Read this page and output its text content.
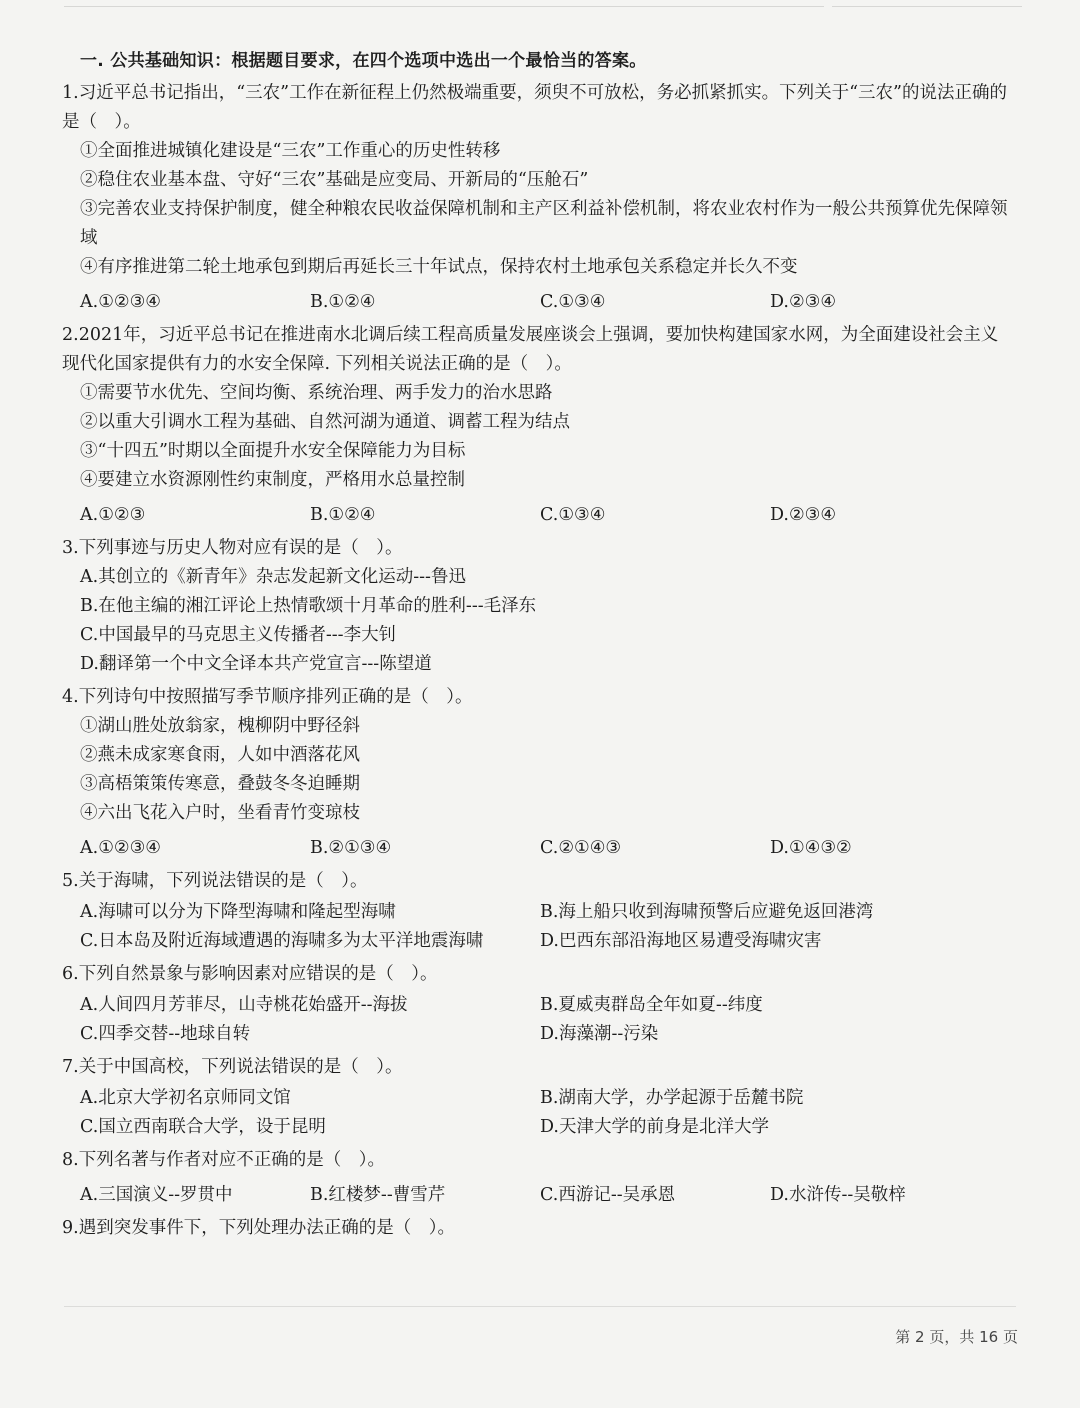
一. 公共基础知识：根据题目要求，在四个选项中选出一个最恰当的答案。
1.习近平总书记指出，“三农”工作在新征程上仍然极端重要，须臾不可放松，务必抓紧抓实。下列关于“三农”的说法正确的是（　）。
①全面推进城镇化建设是“三农”工作重心的历史性转移
②稳住农业基本盘、守好“三农”基础是应变局、开新局的“压舱石”
③完善农业支持保护制度，健全种粮农民收益保障机制和主产区利益补偿机制，将农业农村作为一般公共预算优先保障领域
④有序推进第二轮土地承包到期后再延长三十年试点，保持农村土地承包关系稳定并长久不变
A.①②③④	B.①②④	C.①③④	D.②③④
2.2021年，习近平总书记在推进南水北调后续工程高质量发展座谈会上强调，要加快构建国家水网，为全面建设社会主义现代化国家提供有力的水安全保障. 下列相关说法正确的是（　）。
①需要节水优先、空间均衡、系统治理、两手发力的治水思路
②以重大引调水工程为基础、自然河湖为通道、调蓄工程为结点
③“十四五”时期以全面提升水安全保障能力为目标
④要建立水资源刚性约束制度，严格用水总量控制
A.①②③	B.①②④	C.①③④	D.②③④
3.下列事迹与历史人物对应有误的是（　）。
A.其创立的《新青年》杂志发起新文化运动---鲁迅
B.在他主编的湘江评论上热情歌颂十月革命的胜利---毛泽东
C.中国最早的马克思主义传播者---李大钊
D.翻译第一个中文全译本共产党宣言---陈望道
4.下列诗句中按照描写季节顺序排列正确的是（　）。
①湖山胜处放翁家，槐柳阴中野径斜
②燕未成家寒食雨，人如中酒落花风
③高梧策策传寒意，叠鼓冬冬迫睡期
④六出飞花入户时，坐看青竹变琼枝
A.①②③④	B.②①③④	C.②①④③	D.①④③②
5.关于海啸，下列说法错误的是（　）。
A.海啸可以分为下降型海啸和隆起型海啸	B.海上船只收到海啸预警后应避免返回港湾
C.日本岛及附近海域遭遇的海啸多为太平洋地震海啸	D.巴西东部沿海地区易遭受海啸灾害
6.下列自然景象与影响因素对应错误的是（　）。
A.人间四月芳菲尽，山寺桃花始盛开--海拔	B.夏威夷群岛全年如夏--纬度
C.四季交替--地球自转	D.海藻潮--污染
7.关于中国高校，下列说法错误的是（　）。
A.北京大学初名京师同文馆	B.湖南大学，办学起源于岳麓书院
C.国立西南联合大学，设于昆明	D.天津大学的前身是北洋大学
8.下列名著与作者对应不正确的是（　）。
A.三国演义--罗贯中	B.红楼梦--曹雪芹	C.西游记--吴承恩	D.水浒传--吴敬梓
9.遇到突发事件下，下列处理办法正确的是（　）。
第 2 页，共 16 页
